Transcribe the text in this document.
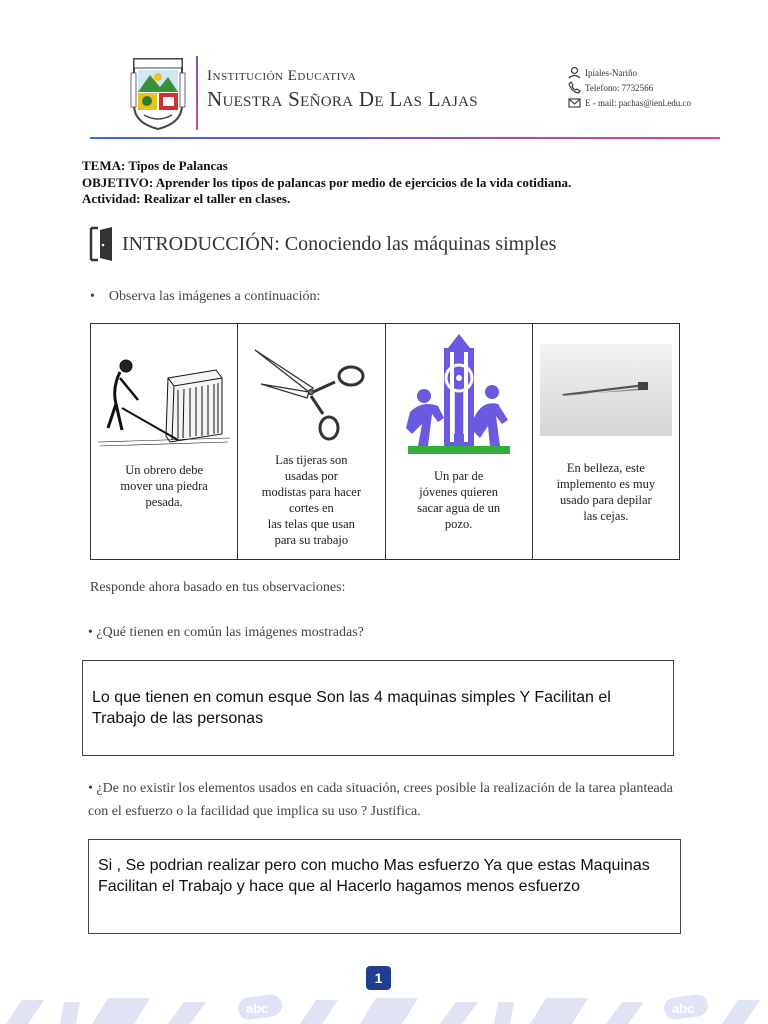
Institución Educativa
Nuestra Señora De Las Lajas
Ipiales-Nariño
Telefono: 7732566
E - mail: pachas@ienl.edu.co
TEMA: Tipos de Palancas
OBJETIVO: Aprender los tipos de palancas por medio de ejercicios de la vida cotidiana.
Actividad: Realizar el taller en clases.
INTRODUCCIÓN: Conociendo las máquinas simples
• Observa las imágenes a continuación:
Un obrero debe
mover una piedra
pesada.
Las tijeras son
usadas por
modistas para hacer
cortes en
las telas que usan
para su trabajo
Un par de
jóvenes quieren
sacar agua de un
pozo.
En belleza, este
implemento es muy
usado para depilar
las cejas.
Responde ahora basado en tus observaciones:
• ¿Qué tienen en común las imágenes mostradas?
Lo que tienen en comun esque Son las 4 maquinas simples Y Facilitan el Trabajo de las personas
• ¿De no existir los elementos usados en cada situación, crees posible la realización de la tarea planteada con el esfuerzo o la facilidad que implica su uso ? Justifica.
Si , Se podrian realizar pero con mucho Mas esfuerzo Ya que estas Maquinas Facilitan el Trabajo y hace que al Hacerlo hagamos menos esfuerzo
1
abc	abc
